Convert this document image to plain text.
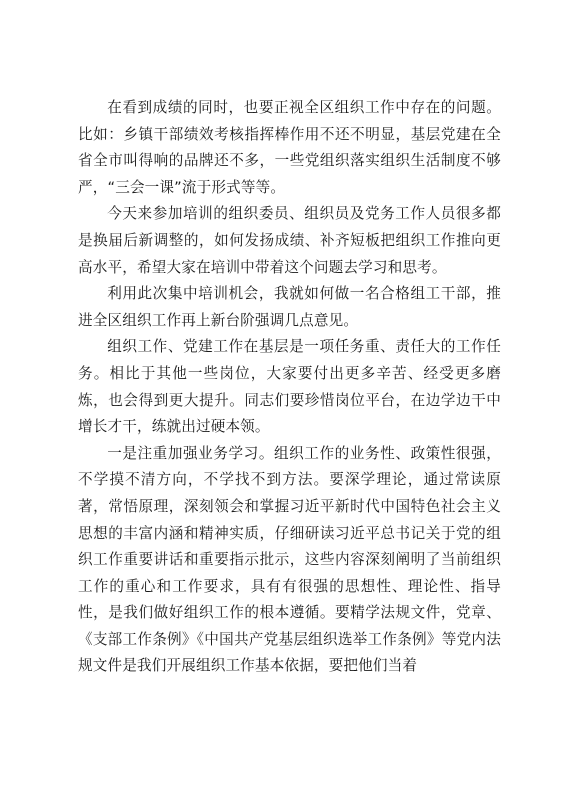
在看到成绩的同时，也要正视全区组织工作中存在的问题。比如：乡镇干部绩效考核指挥棒作用不还不明显，基层党建在全省全市叫得响的品牌还不多，一些党组织落实组织生活制度不够严，“三会一课”流于形式等等。

今天来参加培训的组织委员、组织员及党务工作人员很多都是换届后新调整的，如何发扬成绩、补齐短板把组织工作推向更高水平，希望大家在培训中带着这个问题去学习和思考。

利用此次集中培训机会，我就如何做一名合格组工干部，推进全区组织工作再上新台阶强调几点意见。

组织工作、党建工作在基层是一项任务重、责任大的工作任务。相比于其他一些岗位，大家要付出更多辛苦、经受更多磨炼，也会得到更大提升。同志们要珍惜岗位平台，在边学边干中增长才干，练就出过硬本领。

一是注重加强业务学习。组织工作的业务性、政策性很强，不学摸不清方向，不学找不到方法。要深学理论，通过常读原著，常悟原理，深刻领会和掌握习近平新时代中国特色社会主义思想的丰富内涵和精神实质，仔细研读习近平总书记关于党的组织工作重要讲话和重要指示批示，这些内容深刻阐明了当前组织工作的重心和工作要求，具有有很强的思想性、理论性、指导性，是我们做好组织工作的根本遵循。要精学法规文件，党章、《支部工作条例》《中国共产党基层组织选举工作条例》等党内法规文件是我们开展组织工作基本依据，要把他们当着
